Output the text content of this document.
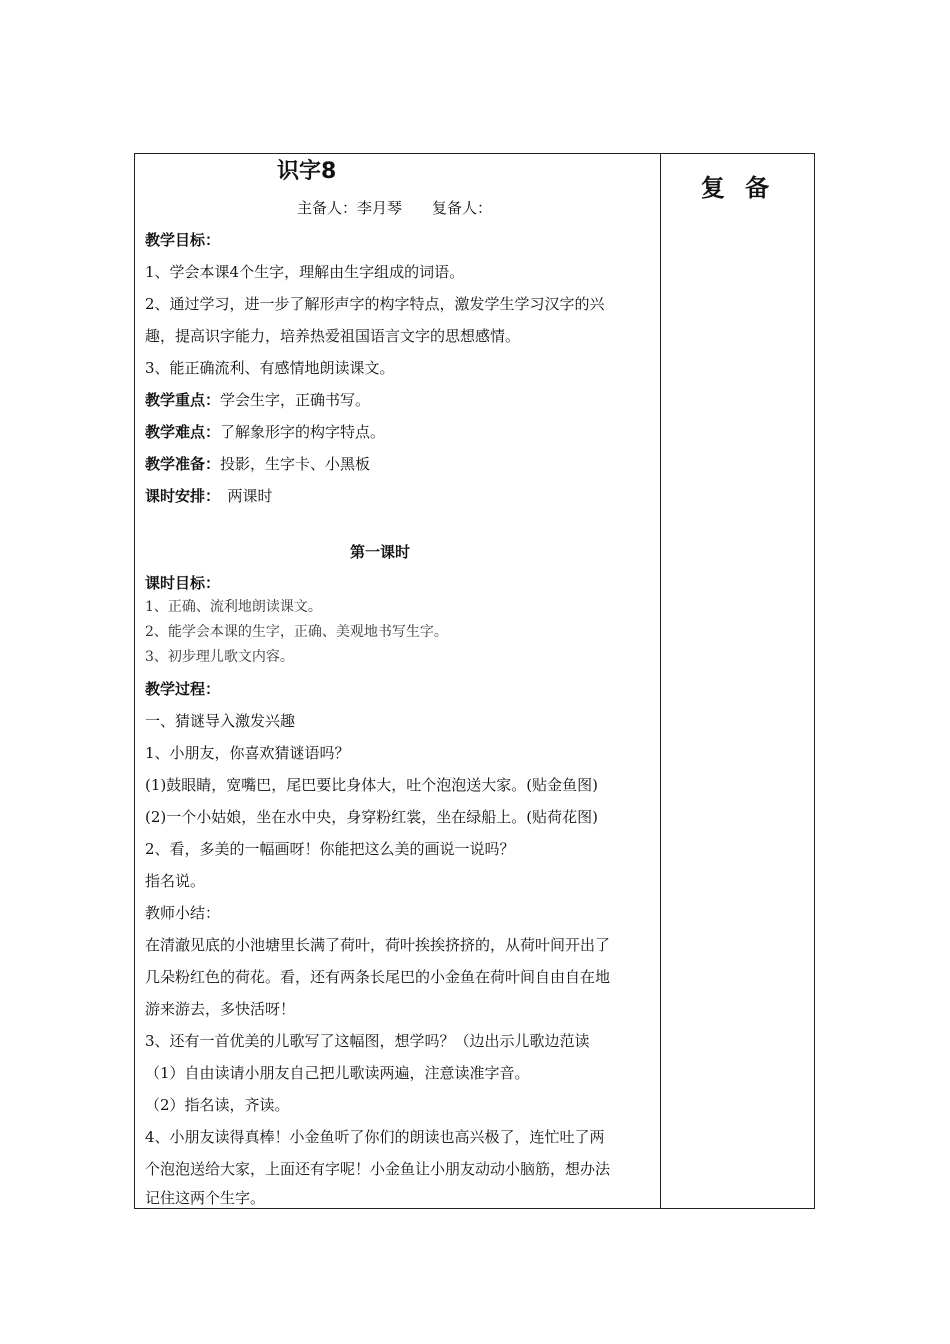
复 备
识字8
主备人：李月琴　　复备人：
教学目标：
1、学会本课4个生字，理解由生字组成的词语。
2、通过学习，进一步了解形声字的构字特点，激发学生学习汉字的兴
趣，提高识字能力，培养热爱祖国语言文字的思想感情。
3、能正确流利、有感情地朗读课文。
教学重点：学会生字，正确书写。
教学难点：了解象形字的构字特点。
教学准备：投影，生字卡、小黑板
课时安排：　两课时
第一课时
课时目标：
1、正确、流利地朗读课文。
2、能学会本课的生字，正确、美观地书写生字。
3、初步理儿歌文内容。
教学过程：
一、猜谜导入激发兴趣
1、小朋友，你喜欢猜谜语吗？
(1)鼓眼睛，宽嘴巴，尾巴要比身体大，吐个泡泡送大家。(贴金鱼图)
(2)一个小姑娘，坐在水中央，身穿粉红裳，坐在绿船上。(贴荷花图)
2、看，多美的一幅画呀！你能把这么美的画说一说吗？
指名说。
教师小结：
在清澈见底的小池塘里长满了荷叶，荷叶挨挨挤挤的，从荷叶间开出了
几朵粉红色的荷花。看，还有两条长尾巴的小金鱼在荷叶间自由自在地
游来游去，多快活呀！
3、还有一首优美的儿歌写了这幅图，想学吗？（边出示儿歌边范读
（1）自由读请小朋友自己把儿歌读两遍，注意读准字音。
（2）指名读，齐读。
4、小朋友读得真棒！小金鱼听了你们的朗读也高兴极了，连忙吐了两
个泡泡送给大家，上面还有字呢！小金鱼让小朋友动动小脑筋，想办法
记住这两个生字。
